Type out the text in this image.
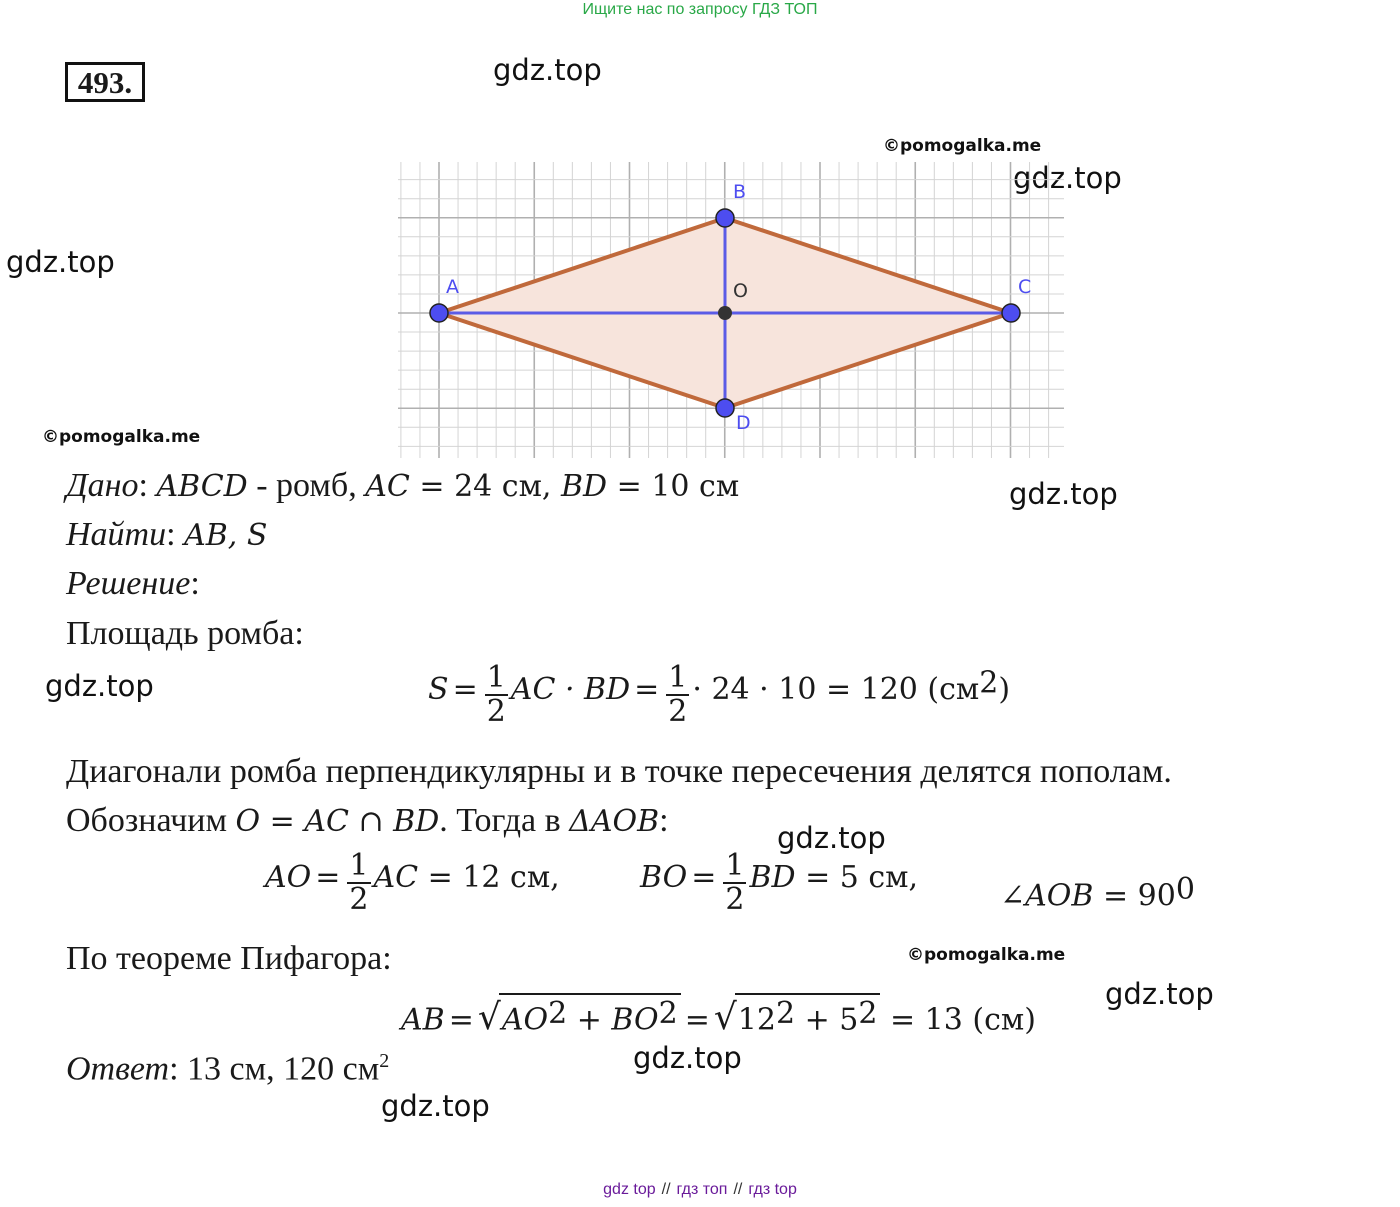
Ищите нас по запросу ГДЗ ТОП
493.	gdz.top
gdz.top
gdz.top
gdz.top
gdz.top
gdz.top
gdz.top
gdz.top
gdz.top
©pomogalka.me
©pomogalka.me
©pomogalka.me
A
B
C
D
O
Дано: ABCD - ромб, AC = 24 см, BD = 10 см
Найти: AB, S
Решение:
Площадь ромба:
$S = \frac{1}{2}$ AC · BD = $\frac{1}{2} \cdot 24 \cdot 10 = 120$ $(см^2)$
Диагонали ромба перпендикулярны и в точке пересечения делятся пополам.
Обозначим O = AC ∩ BD. Тогда в ΔAOB:
AO = $\frac{1}{2}$ AC = 12 см,	BO = $\frac{1}{2}$ BD = 5 см,
∠AOB = $90^0$
По теореме Пифагора:
AB = $√AO^2 + BO^2 = √12^2 + 5^2 = 13$ (см)
Ответ: 13 см, 120 $см^2$
gdz top // гдз топ // гдз top
